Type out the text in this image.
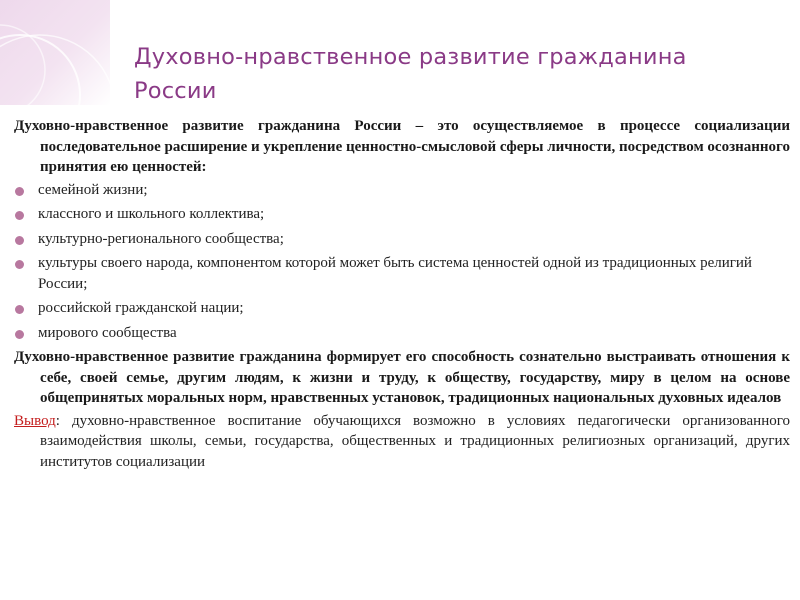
Духовно-нравственное развитие гражданина России

Духовно-нравственное развитие гражданина России – это осуществляемое в процессе социализации последовательное расширение и укрепление ценностно-смысловой сферы личности, посредством осознанного принятия ею ценностей:

семейной жизни;
классного и школьного коллектива;
культурно-регионального сообщества;
культуры своего народа, компонентом которой может быть система ценностей одной из традиционных религий России;
российской гражданской нации;
мирового сообщества

Духовно-нравственное развитие гражданина формирует его способность сознательно выстраивать отношения к себе, своей семье, другим людям, к жизни и труду, к обществу, государству, миру в целом на основе общепринятых моральных норм, нравственных установок, традиционных национальных духовных идеалов

Вывод: духовно-нравственное воспитание обучающихся возможно в условиях педагогически организованного взаимодействия школы, семьи, государства, общественных и традиционных религиозных организаций, других институтов социализации
